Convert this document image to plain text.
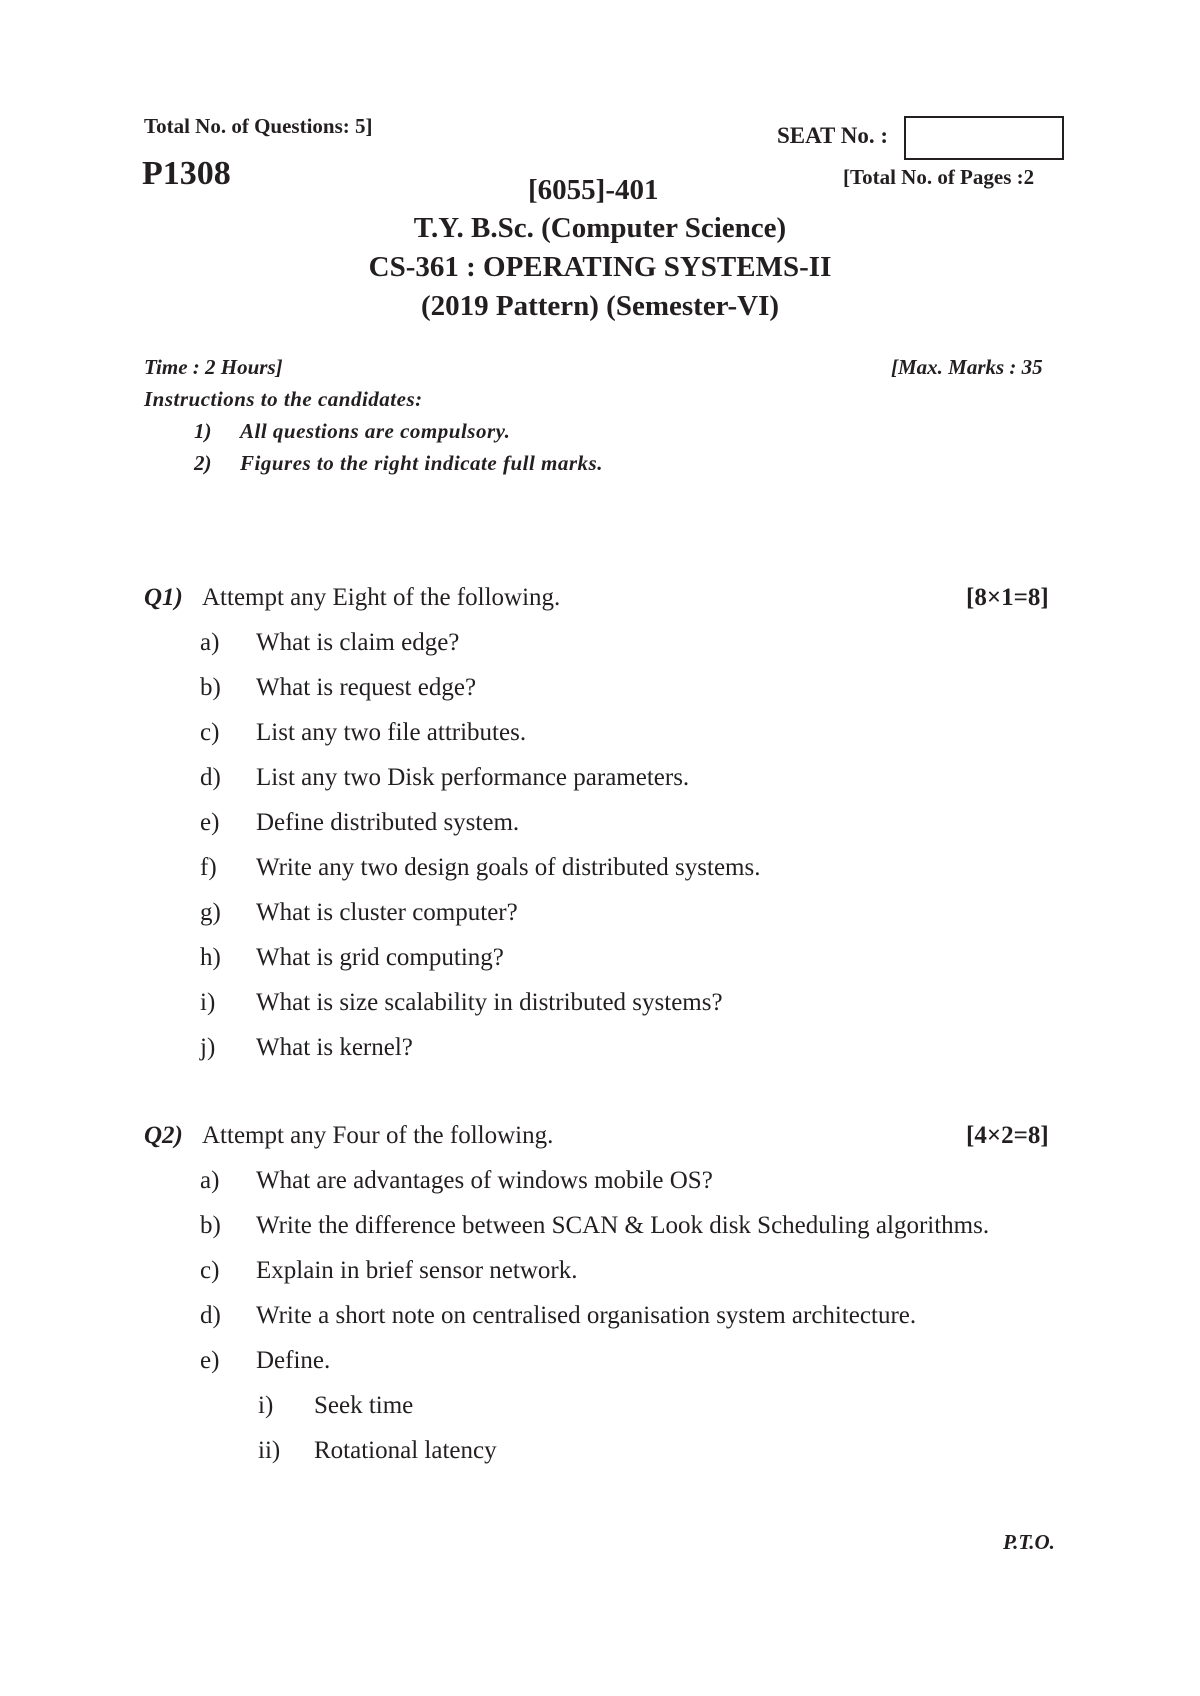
Total No. of Questions: 5]	SEAT No. :
P1308	[Total No. of Pages :2
[6055]-401
T.Y. B.Sc. (Computer Science)
CS-361 : OPERATING SYSTEMS-II
(2019 Pattern) (Semester-VI)
Time : 2 Hours]	[Max. Marks : 35
Instructions to the candidates:
1) All questions are compulsory.
2) Figures to the right indicate full marks.
Q1) Attempt any Eight of the following.	[8×1=8]
a) What is claim edge?
b) What is request edge?
c) List any two file attributes.
d) List any two Disk performance parameters.
e) Define distributed system.
f) Write any two design goals of distributed systems.
g) What is cluster computer?
h) What is grid computing?
i) What is size scalability in distributed systems?
j) What is kernel?
Q2) Attempt any Four of the following.	[4×2=8]
a) What are advantages of windows mobile OS?
b) Write the difference between SCAN & Look disk Scheduling algorithms.
c) Explain in brief sensor network.
d) Write a short note on centralised organisation system architecture.
e) Define.
i) Seek time
ii) Rotational latency
P.T.O.
